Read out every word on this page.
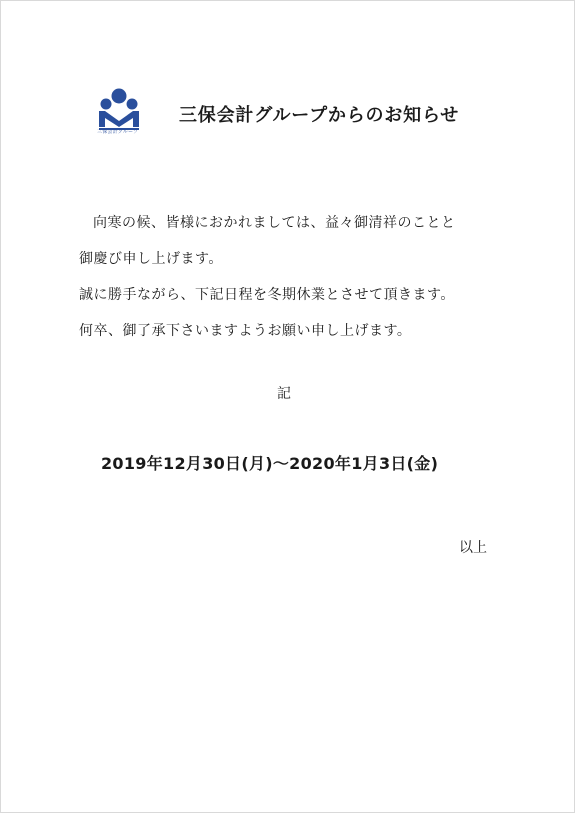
三保会計グループ
三保会計グループからのお知らせ

向寒の候、皆様におかれましては、益々御清祥のことと

御慶び申し上げます。

誠に勝手ながら、下記日程を冬期休業とさせて頂きます。

何卒、御了承下さいますようお願い申し上げます。

記
2019年12月30日(月)～2020年1月3日(金)
以上
